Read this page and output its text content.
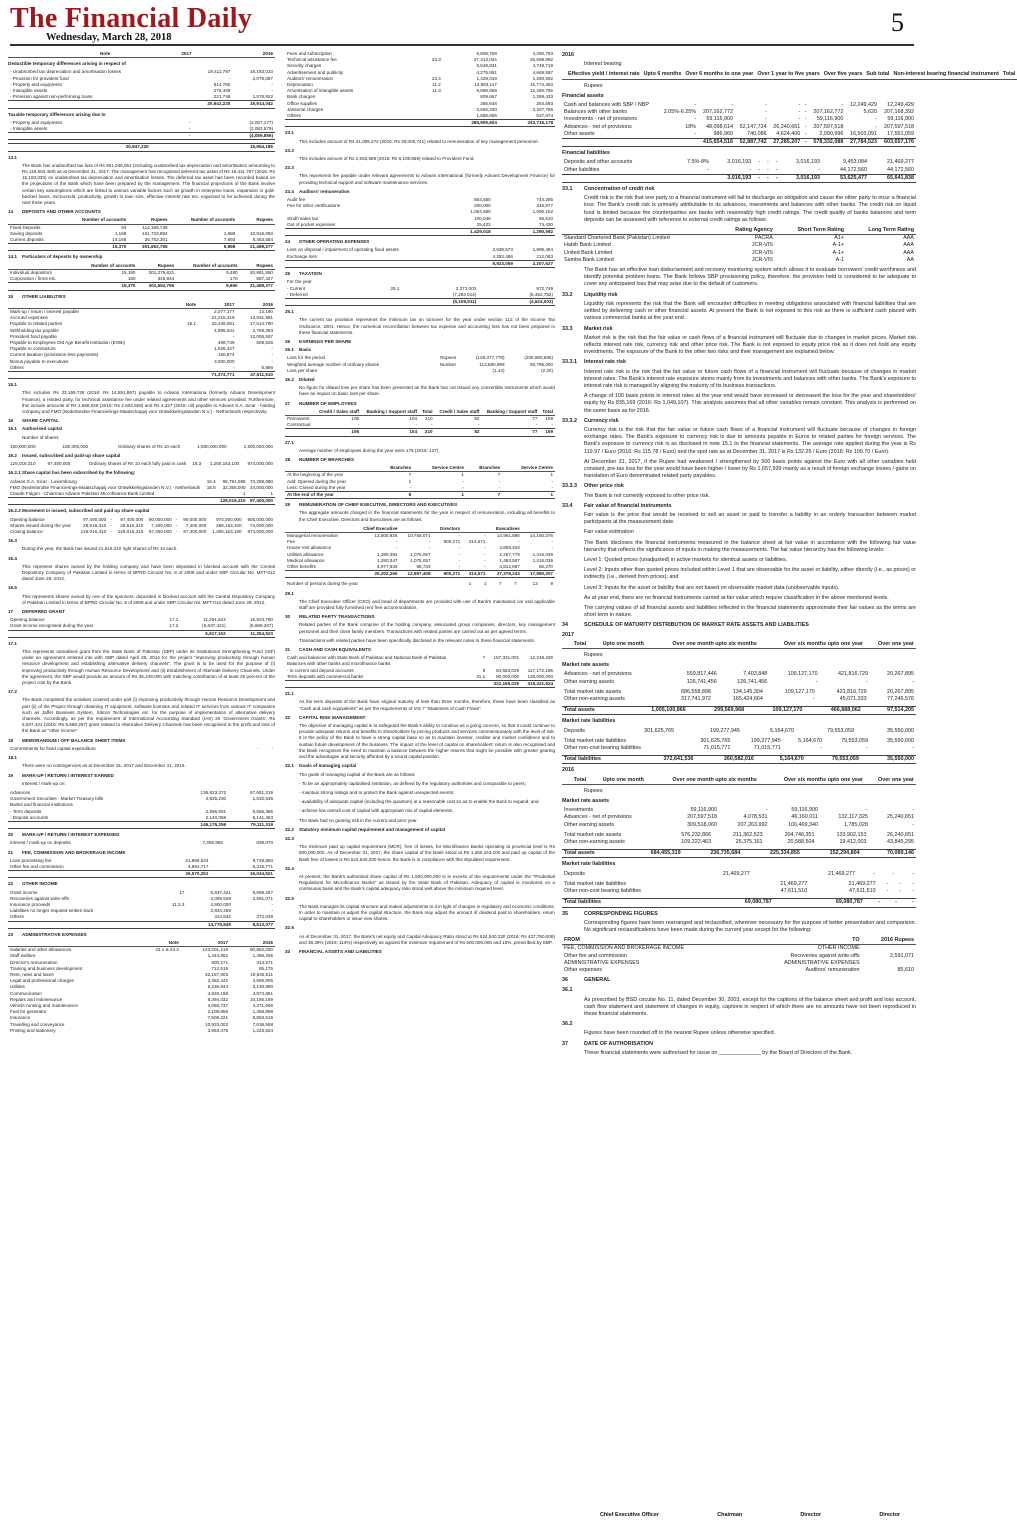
The Financial Daily
Wednesday, March 28, 2018
5
	Note	2017	2016
Deductible temporary differences arising in respect of
- Unabsorbed tax depreciation and amortisation losses	19,411,797	18,183,033
- Provision for provident fund	-	2,075,087
- Property and equipment	514,782	-
- Intangible assets	278,409	-
- Provision against non-performing loans	221,749	1,576,922
	20,642,220	19,914,042
Taxable temporary differences arising due to
- Property and equipment	-	(2,057,177)
- Intangible assets	-	(2,082,579)
	-	(4,059,856)
	20,847,220	15,854,186
13.1
The Bank has unabsorbed tax loss of Rs 661,046,061 (including unabsorbed tax depreciation and amortisation amounting to Rs 119,604,469) as at December 31, 2017. The management has recognised deferred tax asset of Rs 19,411,797 (2016: Rs 15,183,033) on unabsorbed tax depreciation and amortisation losses. The deferred tax asset has been recorded based on the projections of the Bank which have been prepared by the management. The financial projections of the Bank involve certain key assumptions which are linked to various variable factors such as growth in enterprise loans, expansion in gold-backed loans, microcredit, productivity, growth in loan size, effective interest rate etc. expected to be achieved during the next three years.
14 DEPOSITS AND OTHER ACCOUNTS
	Number of accounts	Rupees	Number of accounts	Rupees
Fixed Deposits	93	114,166,739		
Saving deposits	1,168	161,733,894	1,688	10,916,093
Current deposits	14,168	25,752,301	7,893	8,463,584
	15,370	301,652,765	9,898	21,469,277
14.1 Particulars of deposits by ownership
	Number of accounts	Rupees	Number of accounts	Rupees
Individual depositors	15,190	301,275,821	9,480	20,881,850
Corporation / firms etc.	180	346,944	170	587,427
	15,370	301,652,765	9,650	21,469,277
15 OTHER LIABILITIES
	Note	2017	2016
Mark-up / return / interest payable		2,077,177	14,190
Accrued expenses		24,215,319	13,831,981
Payable to related parties	15.1	33,439,061	17,514,790
Withholding tax payable		4,995,641	2,759,393
Provident fund payable		-	13,005,597
Payable to Employees Old Age Benefit Institution (EOBI)		469,749	509,536
Payable to contractors		1,026,327	-
Current taxation (provisions less payments)		150,874	-
Bonus payable to executives		3,000,000	-
Others		-	5,886
		71,374,771	47,611,510
15.1
This includes Rs 33,159,728 (2016: Rs 14,551,867) payable to Advans Internationa (formerly Advans Development Finance), a related party, for technical assistance fee under related agreements and other services provided. Furthermore, this include amounts of Rs 2,668,028 (2016: Rs 2,503,508) and Rs 4,327 (2016: nil) payable to Advans S.A. Sicar - holding company and FMO (Nederlandse Financierings-Maatschappij voor Ontwikkelingslanden N.V.) - Netherlands respectively.
16 SHARE CAPITAL
16.1 Authorised capital
Number of shares
150,000,000	150,000,000	Ordinary shares of Rs 10 each	1,500,000,000	1,500,000,000
16.2 Issued, subscribed and paid-up share capital
125,016,310	97,400,000	Ordinary shares of Rs 10 each fully paid in cash	16.3	1,250,163,100	974,000,000
16.2.1Share capital has been subscribed by the following:
Advans S.A. Sicar - Luxembourg	16.4	95,791,068	73,289,890
FMO (Nederlandse Financierings-Maatschappij voor Ontwikkelingslanden N.V.) - Netherlands	16.5	32,355,000	24,000,000
Claude Falgon - Chairman Advans Pakistan Microfinance Bank Limited		1	1
		128,016,310	97,400,000
16.2.2Movement in issued, subscribed and paid up share capital
Opening balance	97,400,000	-	97,400,000	90,000,000	-	90,000,000	974,000,000	900,000,000
Shares issued during the year	28,616,310	-	28,616,310	7,400,000	-	7,400,000	286,163,100	74,000,000
Closing balance	126,016,310	-	126,016,310	97,400,000	-	97,400,000	1,260,163,100	974,000,000
16.3
During the year, the Bank has issued 21,616,310 right shares of Rs 10 each.
16.4
This represent shares owned by the holding company and have been deposited in blocked account with the Central Depository Company of Pakistan Limited in terms of BPRD Circular No. 8 of 2009 and under SBP Circular No. MFT-012 dated June 28, 2012.
16.5
This represents shares owned by one of the sponsors, deposited in blocked account with the Central Depository Company of Pakistan Limited in terms of BPRD Circular No. 8 of 2009 and under SBP Circular No. MFT-012 dated June 28, 2012.
17 DEFERRED GRANT
Opening balance	17.1	11,254,523	16,923,790
Grant income recognised during the year	17.2	(5,637,421)	(5,669,267)
		5,617,102	11,254,523
17.1
This represents unrealised grant from the State Bank of Pakistan (SBP) under its Institutional Strengthening Fund (ISF) under an agreement entered into with SBP dated April 28, 2014 for the project "improving productivity through human resource development and establishing alternative delivery channels". The grant is to be used for the purpose of (i) improving productivity through Human Resource Development and (ii) Establishment of Alternate Delivery Channels. Under the agreement, the SBP would provide an amount of Rs 35,249,000 with matching contribution of at least 25 percent of the project cost by the Bank.
17.2
The Bank completed the activities covered under part (i) improving productivity through Human Resource Development and part (ii) of the Project through obtaining IT equipment, software licenses and related IT services from various IT companies such as Jaffer Business System, Silicon Technologies etc. for the purpose of implementation of alternative delivery channels. Accordingly, as per the requirement of International Accounting Standard (IAS) 20 'Government Grants', Rs 5,637,421 (2016: Rs 5,669,267) grant related to Alternative Delivery Channels has been recognised in the profit and loss of the Bank as "other income".
18 MEMORANDUM / OFF BALANCE SHEET ITEMS
Commitments for fixed capital expenditure	-	-
18.1
There were no contingencies as at December 31, 2017 and December 31, 2016.
19 MARK-UP / RETURN / INTEREST EARNED
Interest / mark-up on:
Advances	136,823,373	67,651,219
Government Securities - Market Treasury bills	4,625,230	1,532,636
Banks and financial institutions		
- Term deposits	2,596,591	5,556,385
- Deposit accounts	2,140,059	5,141,463
	146,175,259	79,111,319
20 MARK-UP / RETURN / INTEREST EXPENSED
Interest / mark-up on deposits	7,308,965	839,070
21 FEE, COMMISSION AND BROKERAGE INCOME
Loan processing fee	21,666,534	9,728,850
Other fee and commission	4,894,717	6,315,771
	26,570,251	16,044,621
22 OTHER INCOME
Grant income	17	5,637,421	5,669,267
Recoveries against write-offs		2,008,528	2,591,071
Insurance proceeds	11.2.3	4,900,000	-
Liabilities no longer required written back		2,834,259	-
Others		314,632	372,039
		14,775,849	8,613,077
23 ADMINISTRATIVE EXPENSES
	Note	2017	2016
Salaries and other allowances	23.1 & 23.2	123,201,218	90,852,330
Staff welfare		1,444,652	1,455,255
Director's remuneration		900,271	314,571
Training and business development		712,519	85,175
Rent, rates and taxes		32,157,803	19,948,511
Legal and professional charges		3,482,442	4,659,805
Utilities		5,236,944	3,130,990
Communication		4,826,168	4,973,851
Repairs and maintenance		8,394,432	10,165,169
Vehicle running and maintenance		3,065,737	4,371,606
Fuel for generator		2,108,859	1,358,898
Insurance		7,508,221	5,853,515
Travelling and conveyance		10,933,002	7,638,568
Printing and stationery		3,663,476	1,223,824
Fees and subscription		5,808,708	4,290,783
Technical assistance fee	23.3	27,413,034	26,569,892
Security charges		5,548,831	4,749,719
Advertisement and publicity		4,275,851	4,669,597
Auditors' remuneration	23.4	1,429,018	1,290,592
Depreciation	11.2	13,893,117	15,774,463
Amortisation of intangible assets	11.3	8,668,658	12,280,755
Bank charges		809,667	1,269,433
Office supplies		285,648	284,593
Janitorial charges		2,555,330	2,207,785
Others		1,586,606	537,874
		285,905,604	243,715,178
23.1
This includes amount of Rs 41,009,272 (2016: Rs 30,006,741) related to remuneration of key management personnel.
23.2
This includes amount of Rs 2,593,589 (2016: Rs 6,109,869) related to Provident Fund.
23.3
This represents fee payable under relevant agreements to Advans International (formerly Advans Development Finance) for providing technical support and software maintenance services.
23.4 Auditors' remuneration
Audit fee	854,550	744,285
Fee for other certifications	200,000	345,877
	1,054,550	1,090,162
Sindh sales tax	100,046	95,610
Out of pocket expenses	25,422	74,420
	1,429,018	1,290,592
24 OTHER OPERATING EXPENSES
Loss on disposal / impairment of operating fixed assets	2,639,573	1,995,464
Exchange loss	4,283,486	212,063
	6,923,059	2,207,527
25 TAXATION
For the year			
- Current	25.1	2,373,003	972,749
- Deferred		(7,293,014)	(5,452,752)
		(5,109,911)	(4,524,003)
25.1
The current tax provision represents the minimum tax on turnover for the year under section 113 of the Income Tax Ordinance, 2001. Hence, the numerical reconciliation between tax expense and accounting loss has not been prepared in these financial statements.
26 EARNINGS PER SHARE
26.1 Basic
Loss for the period	Rupees	(128,377,779)	(205,880,695)
Weighted average number of ordinary shares	Number	112,580,999	93,795,000
Loss per share		(1.14)	(2.20)
26.2 Diluted
No figure for diluted loss per share has been presented as the Bank has not issued any convertible instruments which would have an impact on basic loss per share.
27 NUMBER OF EMPLOYEES
	Credit / Sales staff	Banking / Support staff	Total	Credit / Sales staff	Banking / Support staff	Total
Permanent	106	104	210	82	77	159
Contractual	-	-	-	-	-	-
	106	104	210	82	77	159
27.1
Average number of employees during the year were 175 (2016: 127).
28 NUMBER OF BRANCHES
	Branches	Service Centre	Branches	Service Centre
At the beginning of the year	7	1	7	1
Add: Opened during the year	1	-	-	-
Less: Closed during the year	-	-	-	-
At the end of the year	8	1	7	1
29 REMUNERATION OF CHIEF EXECUTIVE, DIRECTORS AND EXECUTIVES
The aggregate amounts charged in the financial statements for the year in respect of remuneration, including all benefits to the Chief Executive, Directors and Executives are as follows:
	Chief Executive		Directors		Executives	
Managerial remuneration	13,600,926	10,758,071	-	-	14,961,886	14,160,376
Fee	-	-	900,271	314,571	-	-
House rent allowance	-	-	-	-	4,808,403	-
Utilities allowance	1,280,384	1,076,057	-	-	2,267,779	1,416,036
Medical allowance	1,280,347	1,075,057	-	-	1,463,587	1,416,036
Other benefits	4,077,633	86,733	-	-	4,812,687	86,270
	20,202,260	12,997,408	900,271	314,571	27,378,243	17,980,207
Number of persons during the year	1	1	7	7	12	9
29.1
The Chief Executive Officer (CEO) and head of departments are provided with use of Bank's maintained car and applicable staff are provided fully furnished rent free accommodation.
30 RELATED PARTY TRANSACTIONS
Related parties of the Bank comprise of the holding company, associated group companies, directors, key management personnel and their close family members. Transactions with related parties are carried out as per agreed terms.
Transactions with related parties have been specifically disclosed in the relevant notes to these financial statements.
31 CASH AND CASH EQUIVALENTS
Cash and balances with State Bank of Pakistan and National Bank of Pakistan	7	157,331,001	12,249,429
Balances with other banks and microfinance banks			
- in current and deposit accounts	8	84,653,029	117,172,195
Term deposits with commercial banks	31.1	80,000,000	130,000,000
		322,165,029	319,421,624
31.1
As the term deposits of the Bank have original maturity of less than three months, therefore, these have been classified as "Cash and cash equivalents" as per the requirements of IAS 7 "Statement of Cash Flows".
32 CAPITAL RISK MANAGEMENT
The objective of managing capital is to safeguard the Bank's ability to continue as a going concern, so that it could continue to provide adequate returns and benefits to shareholders by pricing products and services commensurately with the level of risk. It is the policy of the Bank to have a strong capital base so as to maintain investor, creditor and market confidence and to sustain future development of the business. The impact of the level of capital on shareholders' return is also recognised and the Bank recognises the need to maintain a balance between the higher returns that might be possible with greater gearing and the advantages and security afforded by a sound capital position.
32.1 Goals of managing capital
The goals of managing capital of the Bank are as follows:
- To be an appropriately capitalised institution, as defined by the regulatory authorities and comparable to peers;
- maintain strong ratings and to protect the Bank against unexpected events;
- availability of adequate capital (including the quantum) at a reasonable cost so as to enable the Bank to expand; and
- achieve low overall cost of capital with appropriate mix of capital elements.
The Bank had no gearing risk in the current and prior year.
32.2 Statutory minimum capital requirement and management of capital
32.3
The minimum paid up capital requirement (MCR), free of losses, for Microfinance Banks operating at provincial level is Rs 500,000,000. As of December 31, 2017, the share capital of the Bank stood at Rs 1,260,163,100 and paid up capital of the Bank free of losses is Rs 524,540,230 hence, the Bank is in compliance with this stipulated requirement.
32.4
At present, the Bank's authorised share capital of Rs 1,500,000,000 is in excess of the requirements under the "Prudential Regulations for Microfinance Banks" as issued by the State Bank of Pakistan. Adequacy of capital is monitored on a continuous basis and the Bank's capital adequacy ratio stood well above the minimum required level.
32.5
The Bank manages its capital structure and makes adjustments to it in light of changes in regulatory and economic conditions. In order to maintain or adjust the capital structure, the Bank may adjust the amount of dividend paid to shareholders, return capital to shareholders or issue new shares.
32.6
As of December 31, 2017, the Bank's net equity and Capital Adequacy Ratio stood at Rs 524,540,230 (2016: Rs 437,750,008) and 38.39% (2016: 114%) respectively as against the minimum requirement of Rs 500,000,000 and 15%, prescribed by SBP.
33 FINANCIAL ASSETS AND LIABILITIES
2016
Interest bearing
	Effective yield / interest rate	Upto 6 months	Over 6 months to one year	Over 1 year to five years	Over five years	Sub total	Non-interest bearing financial instrument	Total
Rupees
Financial assets
Cash and balances with SBP / NBP	-	-	-	-	-	-	12,249,429	12,249,429
Balances with other banks	2.05%-6.25%	207,162,772	-	-	-	207,162,772	5,620	207,168,392
Investments - net of provisions	-	59,116,900	-	-	-	59,116,900	-	59,116,900
Advances - net of provisions	18%	48,098,614	52,147,724	26,240,661	-	207,597,518	-	207,597,518
Other assets	-	986,960	740,086	4,624,406	-	2,090,996	16,503,091	17,551,059
		415,654,516	52,887,742	27,285,207	-	578,332,088	27,784,523	603,657,176
Financial liabilities
Deposits and other accounts	7.5%-8%	3,016,193	-	-	-	3,016,193	9,453,084	21,469,277
Other liabilities	-	-	-	-	-	-	44,172,560	44,172,560
		3,016,193	-	-	-	3,016,193	53,625,477	65,641,838
33.1 Concentration of credit risk
Credit risk is the risk that one party to a financial instrument will fail to discharge an obligation and cause the other party to incur a financial loss. The Bank's credit risk is primarily attributable to its advances, investments and balances with other banks. The credit risk on liquid fund is limited because the counterparties are banks with reasonably high credit ratings. The credit quality of banks balances and term deposits can be assessed with reference to external credit ratings as follows:
	Rating Agency	Short Term Rating	Long Term Rating
Standard Chartered Bank (Pakistan) Limited	PACRA	A1+	AAA
Habib Bank Limited	JCR-VIS	A-1+	AAA
United Bank Limited	JCR-VIS	A-1+	AAA
Samba Bank Limited	JCR-VIS	A-1	AA
The Bank has an effective loan disbursement and recovery monitoring system which allows it to evaluate borrowers' credit worthiness and identify potential problem loans. The Bank follows SBP provisioning policy, therefore, the provision held is considered to be adequate to cover any anticipated loss that may arise due to the default of customers.
33.2 Liquidity risk
Liquidity risk represents the risk that the Bank will encounter difficulties in meeting obligations associated with financial liabilities that are settled by delivering cash or other financial assets. At present the Bank is not exposed to this risk as there is sufficient cash placed with various commercial banks at the year end.
33.3 Market risk
Market risk is the risk that the fair value or cash flows of a financial instrument will fluctuate due to changes in market prices. Market risk reflects interest rate risk, currency risk and other price risk. The Bank is not exposed to equity price risk as it does not hold any equity investments. The exposure of the Bank to the other two risks and their management are explained below:
33.3.1 Interest rate risk
Interest rate risk is the risk that the fair value or future cash flows of a financial instrument will fluctuate because of changes in market interest rates. The Bank's interest rate exposure stems mainly from its investments and balances with other banks. The Bank's exposure to interest rate risk is managed by aligning the maturity of its business transactions.
A change of 100 basis points in interest rates at the year end would have increased or decreased the loss for the year and shareholders' equity by Rs 835,169 (2016: Rs 1,049,107). This analysis assumes that all other variables remain constant. This analysis is performed on the same basis as for 2016.
33.3.2 Currency risk
Currency risk is the risk that the fair value or future cash flows of a financial instrument will fluctuate because of changes in foreign exchange rates. The Bank's exposure to currency risk is due to amounts payable in Euros to related parties for foreign services. The Bank's exposure to currency risk is as disclosed in note 15.1 to the financial statements. The average rate applied during the year is Rs 119.97 / Euro (2016: Rs 115.78 / Euro) and the spot rate as at December 31, 2017 is Rs 132.25 / Euro (2016: Rs 109.70 / Euro).
At December 31, 2017, if the Rupee had weakened / strengthened by 500 basis points against the Euro with all other variables held constant, pre-tax loss for the year would have been higher / lower by Rs 1,657,939 mainly as a result of foreign exchange losses / gains on translation of Euro denominated related party payables.
33.3.3 Other price risk
The Bank is not currently exposed to other price risk.
33.4 Fair value of financial instruments
Fair value is the price that would be received to sell an asset or paid to transfer a liability in an orderly transaction between market participants at the measurement date.
Fair value estimation
The Bank discloses the financial instruments measured in the balance sheet at fair value in accordance with the following fair value hierarchy that reflects the significance of inputs in making the measurements. The fair value hierarchy has the following levels:
Level 1: Quoted prices (unadjusted) in active markets for identical assets or liabilities.
Level 2: Inputs other than quoted prices included within Level 1 that are observable for the asset or liability, either directly (i.e., as prices) or indirectly (i.e., derived from prices); and
Level 3: Inputs for the asset or liability that are not based on observable market data (unobservable inputs).
As at year end, there are no financial instruments carried at fair value which require classification in the above mentioned levels.
The carrying values of all financial assets and liabilities reflected in the financial statements approximate their fair values as the terms are short term in nature.
34	SCHEDULE OF MATURITY DISTRIBUTION OF MARKET RATE ASSETS AND LIABILITIES
2017
	Total	Upto one month	Over one month upto six months	Over six months upto one year	Over one year
Rupees
Market rate assets
Advances - net of provisions	559,817,446	7,403,848	109,127,170	421,816,729	20,267,895
Other earning assets	126,741,456	126,741,456	-	-	-
Total market rate assets	686,558,898	134,145,304	109,127,170	421,816,729	20,267,895
Other non-earning assets	317,741,972	165,424,664	-	45,071,333	77,246,576
Total assets	1,005,100,866	299,569,968	109,127,170	466,888,062	97,514,205
Market rate liabilities
Deposits	301,625,765	199,277,945	5,164,670	79,553,059	35,550,000
Total market rate liabilities	301,625,765	199,277,945	5,164,670	79,553,059	35,550,000
Other non-cost bearing liabilities	71,015,771	71,015,771	-	-	-
Total liabilities	372,641,536	260,582,016	5,164,670	79,553,059	35,550,000
2016
	Total	Upto one month	Over one month upto six months	Over six months upto one year	Over one year
Rupees
Market rate assets
Investments	59,116,900	-	59,116,900	-	-
Advances - net of provisions	207,597,518	4,078,531	46,160,011	132,117,325	25,240,651
Other earning assets	309,518,060	207,263,992	100,469,340	1,785,028	-
Total market rate assets	576,232,866	211,362,523	204,746,351	133,902,153	26,240,651
Other non-earning assets	109,222,463	25,375,161	20,588,504	19,412,003	43,845,295
Total assets	684,455,319	236,735,684	225,334,855	152,294,804	70,089,146
Market rate liabilities
Deposits	21,469,277	21,469,277	-	-	-
Total market rate liabilities	21,469,277	21,469,277	-	-	-
Other non-cost bearing liabilities	47,611,510	47,611,510	-	-	-
Total liabilities	69,080,787	69,080,787	-	-	-
35	CORRESPONDING FIGURES
Corresponding figures have been rearranged and reclassified, wherever necessary for the purpose of better presentation and comparison. No significant reclassifications have been made during the current year except for the following:
FROM	TO	2016 Rupees
FEE, COMMISSION AND BROKERAGE INCOME	OTHER INCOME	
Other fee and commission	Recoveries against write-offs	2,591,071
ADMINISTRATIVE EXPENSES	ADMINISTRATIVE EXPENSES	
Other expenses	Auditors' remuneration	85,610
36	GENERAL
36.1
As prescribed by BSD circular No. 11, dated December 30, 2003, except for the captions of the balance sheet and profit and loss account, cash flow statement and statement of changes in equity, captions in respect of which there are no amounts have not been reproduced in these financial statements.
36.2
Figures have been rounded off to the nearest Rupee unless otherwise specified.
37	DATE OF AUTHORISATION
These financial statements were authorised for issue on ______________ by the Board of Directors of the Bank.
Chief Executive Officer	Chairman	Director	Director
